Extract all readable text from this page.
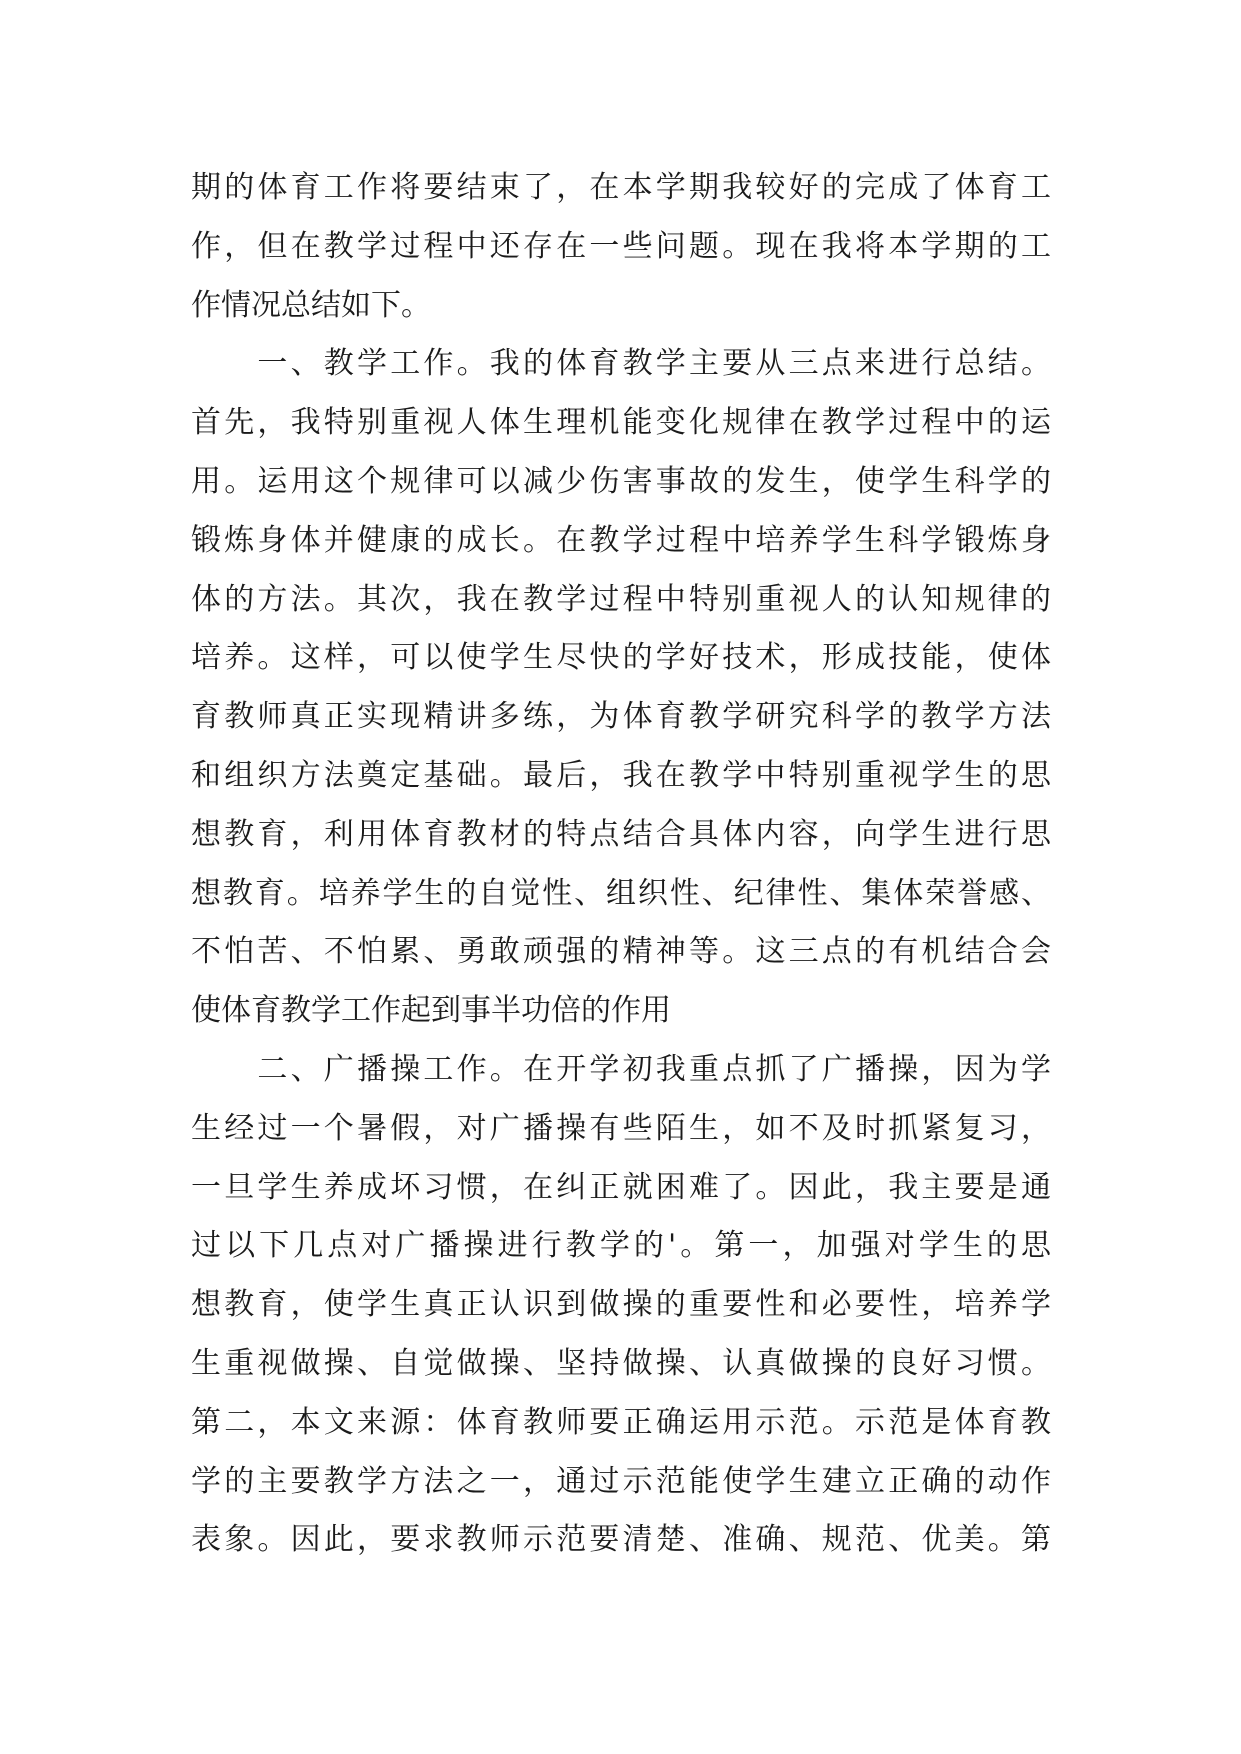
期的体育工作将要结束了，在本学期我较好的完成了体育工
作，但在教学过程中还存在一些问题。现在我将本学期的工
作情况总结如下。
　　一、教学工作。我的体育教学主要从三点来进行总结。
首先，我特别重视人体生理机能变化规律在教学过程中的运
用。运用这个规律可以减少伤害事故的发生，使学生科学的
锻炼身体并健康的成长。在教学过程中培养学生科学锻炼身
体的方法。其次，我在教学过程中特别重视人的认知规律的
培养。这样，可以使学生尽快的学好技术，形成技能，使体
育教师真正实现精讲多练，为体育教学研究科学的教学方法
和组织方法奠定基础。最后，我在教学中特别重视学生的思
想教育，利用体育教材的特点结合具体内容，向学生进行思
想教育。培养学生的自觉性、组织性、纪律性、集体荣誉感、
不怕苦、不怕累、勇敢顽强的精神等。这三点的有机结合会
使体育教学工作起到事半功倍的作用
　　二、广播操工作。在开学初我重点抓了广播操，因为学
生经过一个暑假，对广播操有些陌生，如不及时抓紧复习，
一旦学生养成坏习惯，在纠正就困难了。因此，我主要是通
过以下几点对广播操进行教学的'。第一，加强对学生的思
想教育，使学生真正认识到做操的重要性和必要性，培养学
生重视做操、自觉做操、坚持做操、认真做操的良好习惯。
第二，本文来源：体育教师要正确运用示范。示范是体育教
学的主要教学方法之一，通过示范能使学生建立正确的动作
表象。因此，要求教师示范要清楚、准确、规范、优美。第
